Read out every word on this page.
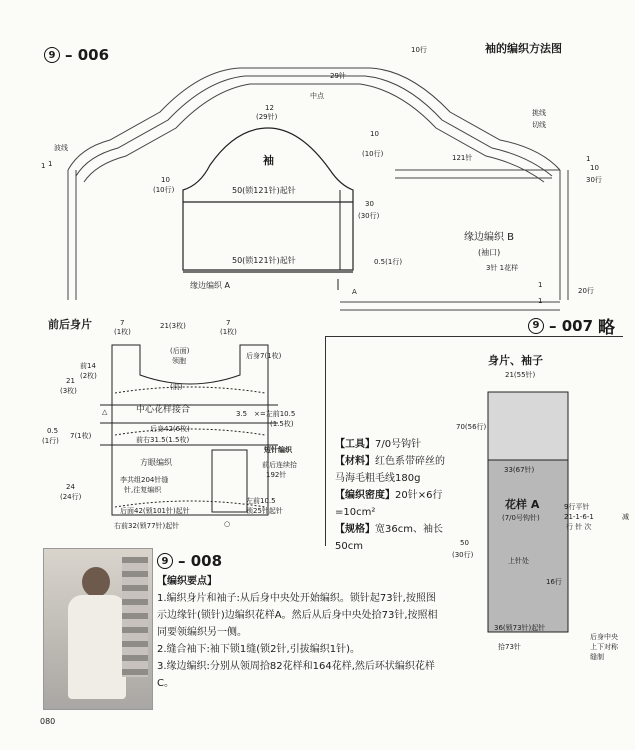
9 – 006	袖的编织方法图
10行
29针
中点
12
(29针)
袖
10
(10行)
10
(10行)	50(锁121针)起针
30
(30行)
50(锁121针)起针
缘边编织 A
波线
1
0.5(1行)
挑线
切线
121针
10
30行
1
缘边编织 B
(袖口)
3针 1花样
20行
1
1
A
1
9 – 007 略
身片、袖子
21(55针)
70(56行)
33(67针)
花样 A
(7/0号钩针)
50
(30行)
上针处
16行
36(锁73针)起针
拾73针
9行平针
21-1-6-1
行 针 次
减
后身中央
上下对称
缝制
【工具】7/0号钩针
【材料】红色系带碎丝的马海毛粗毛线180g
【编织密度】20针×6行=10cm²
【规格】宽36cm、袖长50cm
前后身片	7
(1枚)
21(3枚)	7
(1枚)
前14
(2枚)
后身7(1枚)
21
(3枚)
(后面)
领胞
(前)
中心花样接合
0.5
(1行)
7(1枚)
后身42(6枚)
前右31.5(1.5枚)
3.5 ×=左前10.5
(1.5枚)
短针编织
前后连续拾
192针
方眼编织
李共组204针缝
针,往复编织
24
(24行)
后面42(锁101针)起针
右前32(锁77针)起针
左前10.5
锁25针起针
△
○
9 – 008
【编织要点】
1.编织身片和袖子:从后身中央处开始编织。锁针起73针,按照图示边缘针(锁针)边编织花样A。然后从后身中央处拾73针,按照相同要领编织另一侧。
2.缝合袖下:袖下锁1缝(锁2针,引拔编织1针)。
3.缘边编织:分别从领周拾82花样和164花样,然后环状编织花样C。
080
